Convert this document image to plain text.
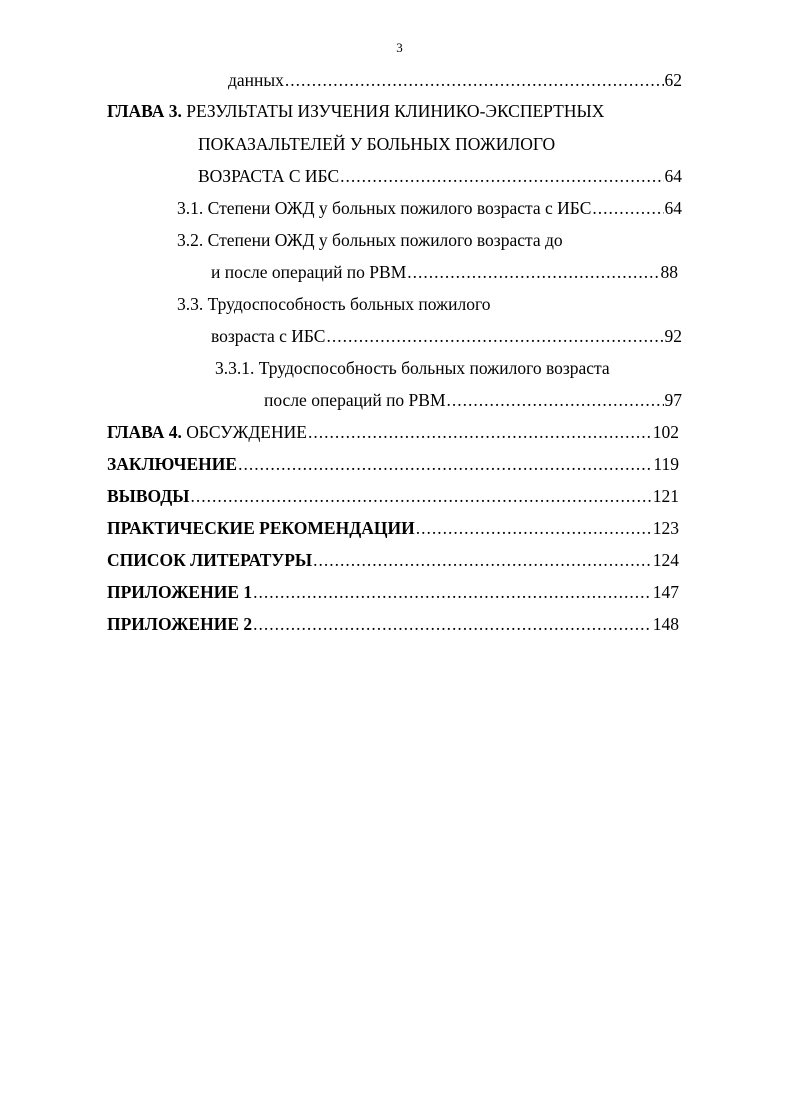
3
данных .....	62
ГЛАВА 3.
РЕЗУЛЬТАТЫ ИЗУЧЕНИЯ КЛИНИКО-ЭКСПЕРТНЫХ
ПОКАЗАЛЬТЕЛЕЙ У БОЛЬНЫХ ПОЖИЛОГО
ВОЗРАСТА С ИБС .....	64
3.1. Степени ОЖД у больных пожилого возраста с ИБС .....	64
3.2. Степени ОЖД у больных пожилого возраста до
и после операций по РВМ .....	88
3.3. Трудоспособность больных пожилого
возраста с ИБС .....	92
3.3.1. Трудоспособность больных пожилого возраста
после операций по РВМ .....	97
ГЛАВА 4.
ОБСУЖДЕНИЕ .....	102
ЗАКЛЮЧЕНИЕ .....	119
ВЫВОДЫ .....	121
ПРАКТИЧЕСКИЕ РЕКОМЕНДАЦИИ .....	123
СПИСОК ЛИТЕРАТУРЫ .....	124
ПРИЛОЖЕНИЕ 1 .....	147
ПРИЛОЖЕНИЕ 2 .....	148
